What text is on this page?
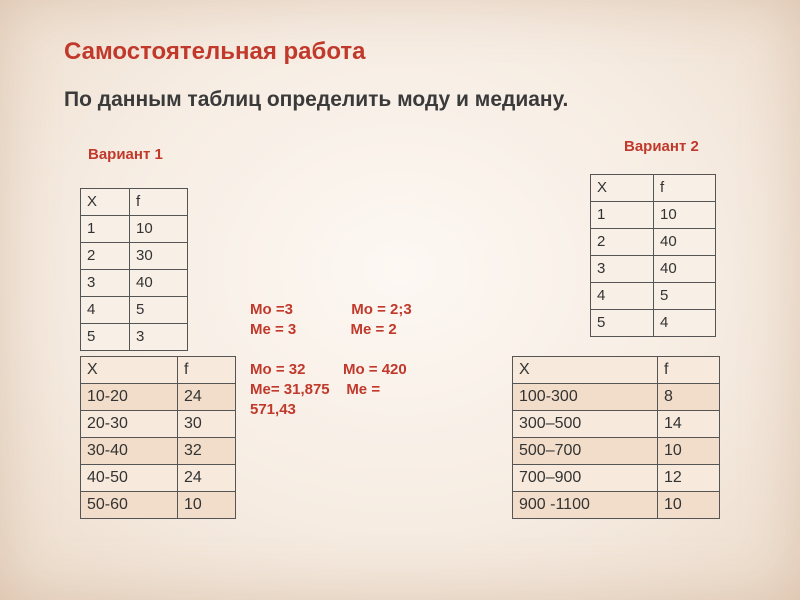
Самостоятельная работа
По данным таблиц определить моду и медиану.
Вариант 1	Вариант 2
X	f
1	10
2	30
3	40
4	5
5	3
X	f
10-20	24
20-30	30
30-40	32
40-50	24
50-60	10
X	f
1	10
2	40
3	40
4	5
5	4
X	f
100-300	8
300–500	14
500–700	10
700–900	12
900 -1100	10
Mo =3              Mo = 2;3
Me = 3             Me = 2
Mo = 32         Mo = 420
Me= 31,875    Me =
571,43
